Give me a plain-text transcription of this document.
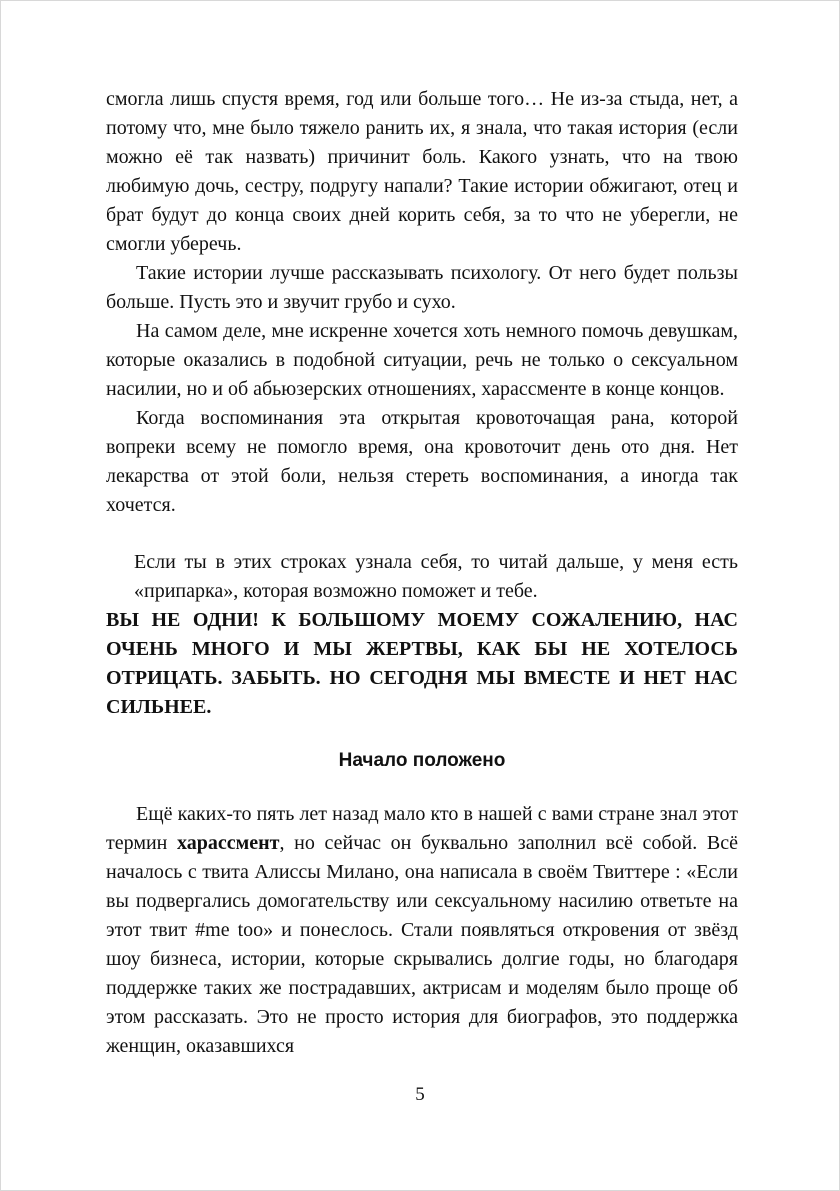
смогла лишь спустя время, год или больше того… Не из-за стыда, нет, а потому что, мне было тяжело ранить их, я знала, что такая история (если можно её так назвать) причинит боль. Какого узнать, что на твою любимую дочь, сестру, подругу напали? Такие истории обжигают, отец и брат будут до конца своих дней корить себя, за то что не уберегли, не смогли уберечь.

Такие истории лучше рассказывать психологу. От него будет пользы больше. Пусть это и звучит грубо и сухо.

На самом деле, мне искренне хочется хоть немного помочь девушкам, которые оказались в подобной ситуации, речь не только о сексуальном насилии, но и об абьюзерских отношениях, харассменте в конце концов.

Когда воспоминания эта открытая кровоточащая рана, которой вопреки всему не помогло время, она кровоточит день ото дня. Нет лекарства от этой боли, нельзя стереть воспоминания, а иногда так хочется.

Если ты в этих строках узнала себя, то читай дальше, у меня есть «припарка», которая возможно поможет и тебе.

ВЫ НЕ ОДНИ! К БОЛЬШОМУ МОЕМУ СОЖАЛЕНИЮ, НАС ОЧЕНЬ МНОГО И МЫ ЖЕРТВЫ, КАК БЫ НЕ ХОТЕЛОСЬ ОТРИЦАТЬ. ЗАБЫТЬ. НО СЕГОДНЯ МЫ ВМЕСТЕ И НЕТ НАС СИЛЬНЕЕ.

Начало положено

Ещё каких-то пять лет назад мало кто в нашей с вами стране знал этот термин харассмент, но сейчас он буквально заполнил всё собой. Всё началось с твита Алиссы Милано, она написала в своём Твиттере : «Если вы подвергались домогательству или сексуальному насилию ответьте на этот твит #me too» и понеслось. Стали появляться откровения от звёзд шоу бизнеса, истории, которые скрывались долгие годы, но благодаря поддержке таких же пострадавших, актрисам и моделям было проще об этом рассказать. Это не просто история для биографов, это поддержка женщин, оказавшихся

5
